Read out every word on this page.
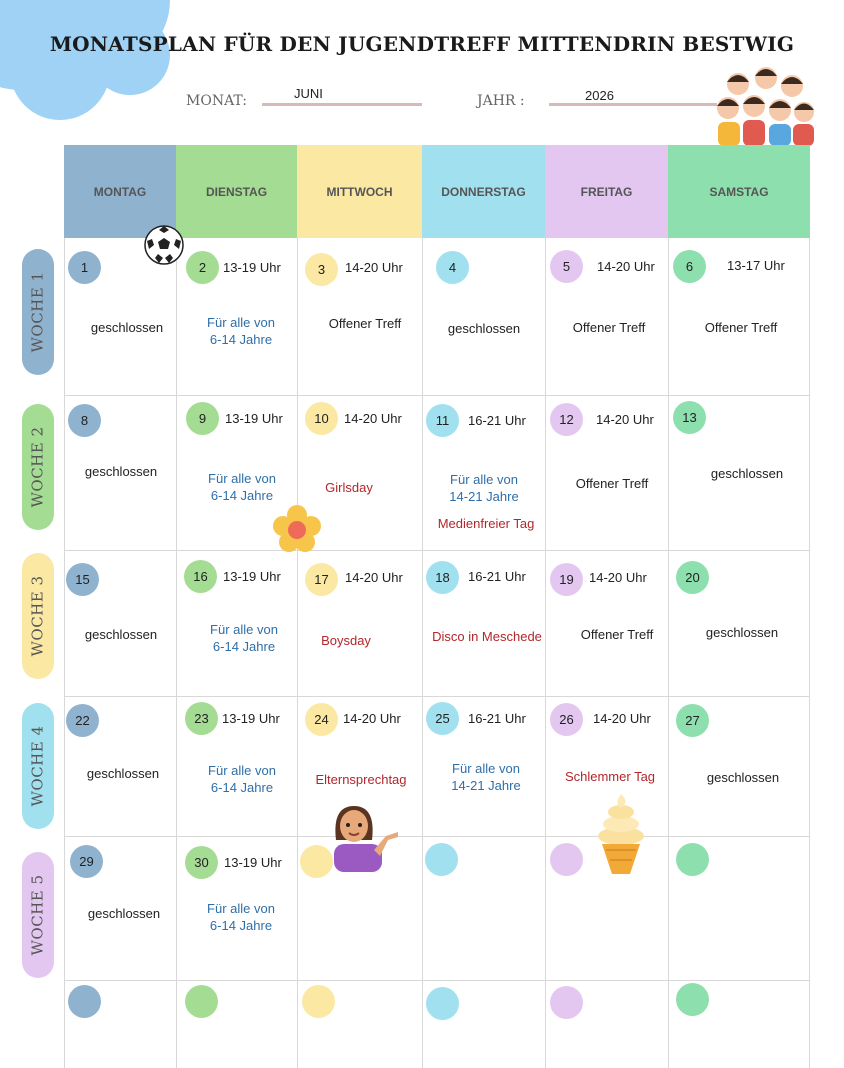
MONATSPLAN FÜR DEN JUGENDTREFF MITTENDRIN BESTWIG
MONAT:	JUNI	JAHR :	2026
MONTAG	DIENSTAG	MITTWOCH	DONNERSTAG	FREITAG	SAMSTAG
WOCHE 1
WOCHE 2
WOCHE 3
WOCHE 4
WOCHE 5
1
geschlossen
2	13-19 Uhr
Für alle von
6-14 Jahre
3	14-20 Uhr
Offener Treff
4
geschlossen
5	14-20 Uhr
Offener Treff
6	13-17 Uhr
Offener Treff
8
geschlossen
9	13-19 Uhr
Für alle von
6-14 Jahre
10	14-20 Uhr
Girlsday
11	16-21 Uhr
Für alle von
14-21 Jahre
Medienfreier Tag
12	14-20 Uhr
Offener Treff
13
geschlossen
15
geschlossen
16	13-19 Uhr
Für alle von
6-14 Jahre
17	14-20 Uhr
Boysday
18	16-21 Uhr
Disco in Meschede
19	14-20 Uhr
Offener Treff
20
geschlossen
22
geschlossen
23	13-19 Uhr
Für alle von
6-14 Jahre
24	14-20 Uhr
Elternsprechtag
25	16-21 Uhr
Für alle von
14-21 Jahre
26	14-20 Uhr
Schlemmer Tag
27
geschlossen
29
geschlossen
30	13-19 Uhr
Für alle von
6-14 Jahre
